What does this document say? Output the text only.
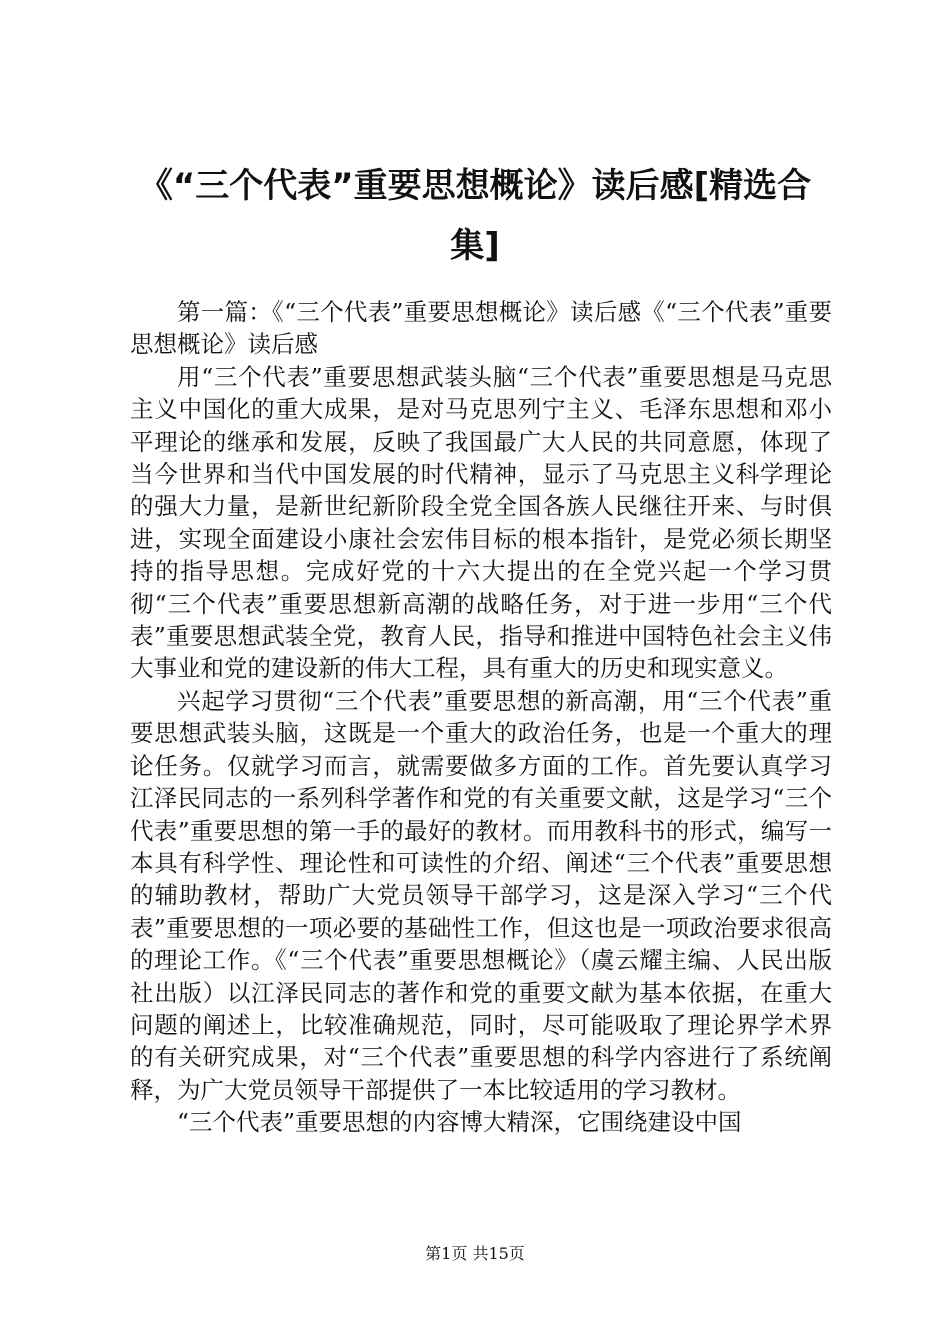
《“三个代表”重要思想概论》读后感[精选合集]

第一篇：《“三个代表”重要思想概论》读后感《“三个代表”重要思想概论》读后感

用“三个代表”重要思想武装头脑“三个代表”重要思想是马克思主义中国化的重大成果，是对马克思列宁主义、毛泽东思想和邓小平理论的继承和发展，反映了我国最广大人民的共同意愿，体现了当今世界和当代中国发展的时代精神，显示了马克思主义科学理论的强大力量，是新世纪新阶段全党全国各族人民继往开来、与时俱进，实现全面建设小康社会宏伟目标的根本指针，是党必须长期坚持的指导思想。完成好党的十六大提出的在全党兴起一个学习贯彻“三个代表”重要思想新高潮的战略任务，对于进一步用“三个代表”重要思想武装全党，教育人民，指导和推进中国特色社会主义伟大事业和党的建设新的伟大工程，具有重大的历史和现实意义。

兴起学习贯彻“三个代表”重要思想的新高潮，用“三个代表”重要思想武装头脑，这既是一个重大的政治任务，也是一个重大的理论任务。仅就学习而言，就需要做多方面的工作。首先要认真学习江泽民同志的一系列科学著作和党的有关重要文献，这是学习“三个代表”重要思想的第一手的最好的教材。而用教科书的形式，编写一本具有科学性、理论性和可读性的介绍、阐述“三个代表”重要思想的辅助教材，帮助广大党员领导干部学习，这是深入学习“三个代表”重要思想的一项必要的基础性工作，但这也是一项政治要求很高的理论工作。《“三个代表”重要思想概论》（虞云耀主编、人民出版社出版）以江泽民同志的著作和党的重要文献为基本依据，在重大问题的阐述上，比较准确规范，同时，尽可能吸取了理论界学术界的有关研究成果，对“三个代表”重要思想的科学内容进行了系统阐释，为广大党员领导干部提供了一本比较适用的学习教材。

“三个代表”重要思想的内容博大精深，它围绕建设中国

第1页 共15页
